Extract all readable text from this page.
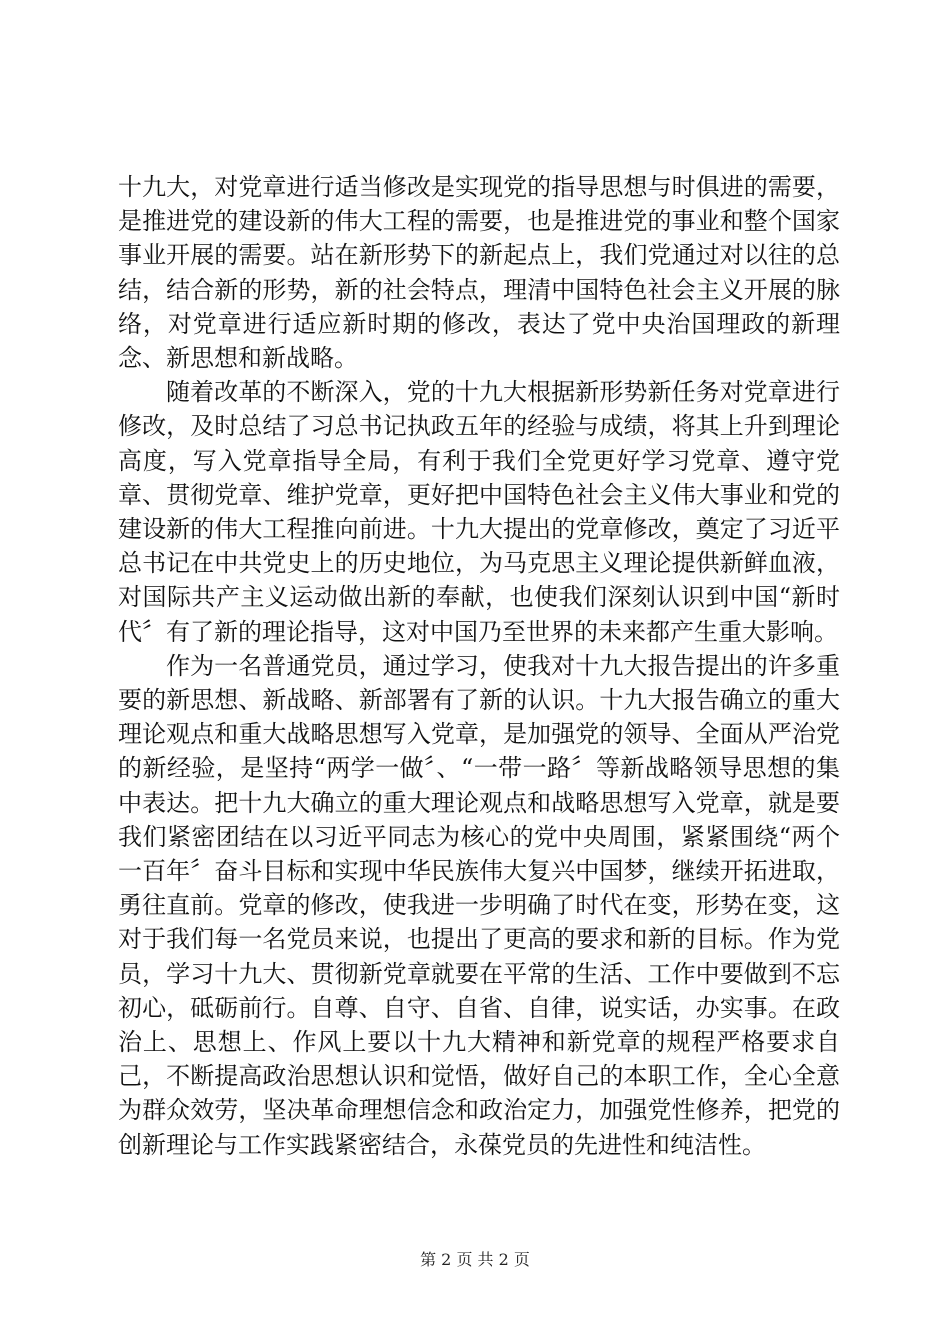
十九大，对党章进行适当修改是实现党的指导思想与时俱进的需要，是推进党的建设新的伟大工程的需要，也是推进党的事业和整个国家事业开展的需要。站在新形势下的新起点上，我们党通过对以往的总结，结合新的形势，新的社会特点，理清中国特色社会主义开展的脉络，对党章进行适应新时期的修改，表达了党中央治国理政的新理念、新思想和新战略。

随着改革的不断深入，党的十九大根据新形势新任务对党章进行修改，及时总结了习总书记执政五年的经验与成绩，将其上升到理论高度，写入党章指导全局，有利于我们全党更好学习党章、遵守党章、贯彻党章、维护党章，更好把中国特色社会主义伟大事业和党的建设新的伟大工程推向前进。十九大提出的党章修改，奠定了习近平总书记在中共党史上的历史地位，为马克思主义理论提供新鲜血液，对国际共产主义运动做出新的奉献，也使我们深刻认识到中国“新时代〞有了新的理论指导，这对中国乃至世界的未来都产生重大影响。

作为一名普通党员，通过学习，使我对十九大报告提出的许多重要的新思想、新战略、新部署有了新的认识。十九大报告确立的重大理论观点和重大战略思想写入党章，是加强党的领导、全面从严治党的新经验，是坚持“两学一做〞、“一带一路〞等新战略领导思想的集中表达。把十九大确立的重大理论观点和战略思想写入党章，就是要我们紧密团结在以习近平同志为核心的党中央周围，紧紧围绕“两个一百年〞奋斗目标和实现中华民族伟大复兴中国梦，继续开拓进取，勇往直前。党章的修改，使我进一步明确了时代在变，形势在变，这对于我们每一名党员来说，也提出了更高的要求和新的目标。作为党员，学习十九大、贯彻新党章就要在平常的生活、工作中要做到不忘初心，砥砺前行。自尊、自守、自省、自律，说实话，办实事。在政治上、思想上、作风上要以十九大精神和新党章的规程严格要求自己，不断提高政治思想认识和觉悟，做好自己的本职工作，全心全意为群众效劳，坚决革命理想信念和政治定力，加强党性修养，把党的创新理论与工作实践紧密结合，永葆党员的先进性和纯洁性。

第 2 页 共 2 页
